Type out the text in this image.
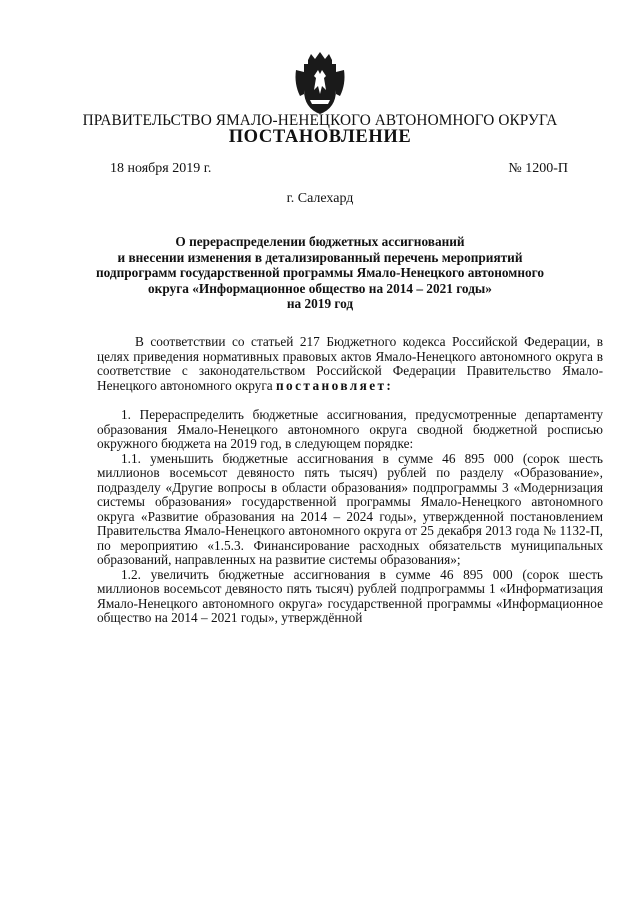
ПРАВИТЕЛЬСТВО ЯМАЛО-НЕНЕЦКОГО АВТОНОМНОГО ОКРУГА
ПОСТАНОВЛЕНИЕ
18 ноября 2019 г.	№ 1200-П
г. Салехард
О перераспределении бюджетных ассигнований
и внесении изменения в детализированный перечень мероприятий
подпрограмм государственной программы Ямало-Ненецкого автономного
округа «Информационное общество на 2014 – 2021 годы»
на 2019 год

В соответствии со статьей 217 Бюджетного кодекса Российской Федерации, в целях приведения нормативных правовых актов Ямало-Ненецкого автономного округа в соответствие с законодательством Российской Федерации Правительство Ямало-Ненецкого автономного округа постановляет:

1. Перераспределить бюджетные ассигнования, предусмотренные департаменту образования Ямало-Ненецкого автономного округа сводной бюджетной росписью окружного бюджета на 2019 год, в следующем порядке:

1.1. уменьшить бюджетные ассигнования в сумме 46 895 000 (сорок шесть миллионов восемьсот девяносто пять тысяч) рублей по разделу «Образование», подразделу «Другие вопросы в области образования» подпрограммы 3 «Модернизация системы образования» государственной программы Ямало-Ненецкого автономного округа «Развитие образования на 2014 – 2024 годы», утвержденной постановлением Правительства Ямало-Ненецкого автономного округа от 25 декабря 2013 года № 1132-П, по мероприятию «1.5.3. Финансирование расходных обязательств муниципальных образований, направленных на развитие системы образования»;

1.2. увеличить бюджетные ассигнования в сумме 46 895 000 (сорок шесть миллионов восемьсот девяносто пять тысяч) рублей подпрограммы 1 «Информатизация Ямало-Ненецкого автономного округа» государственной программы «Информационное общество на 2014 – 2021 годы», утверждённой
